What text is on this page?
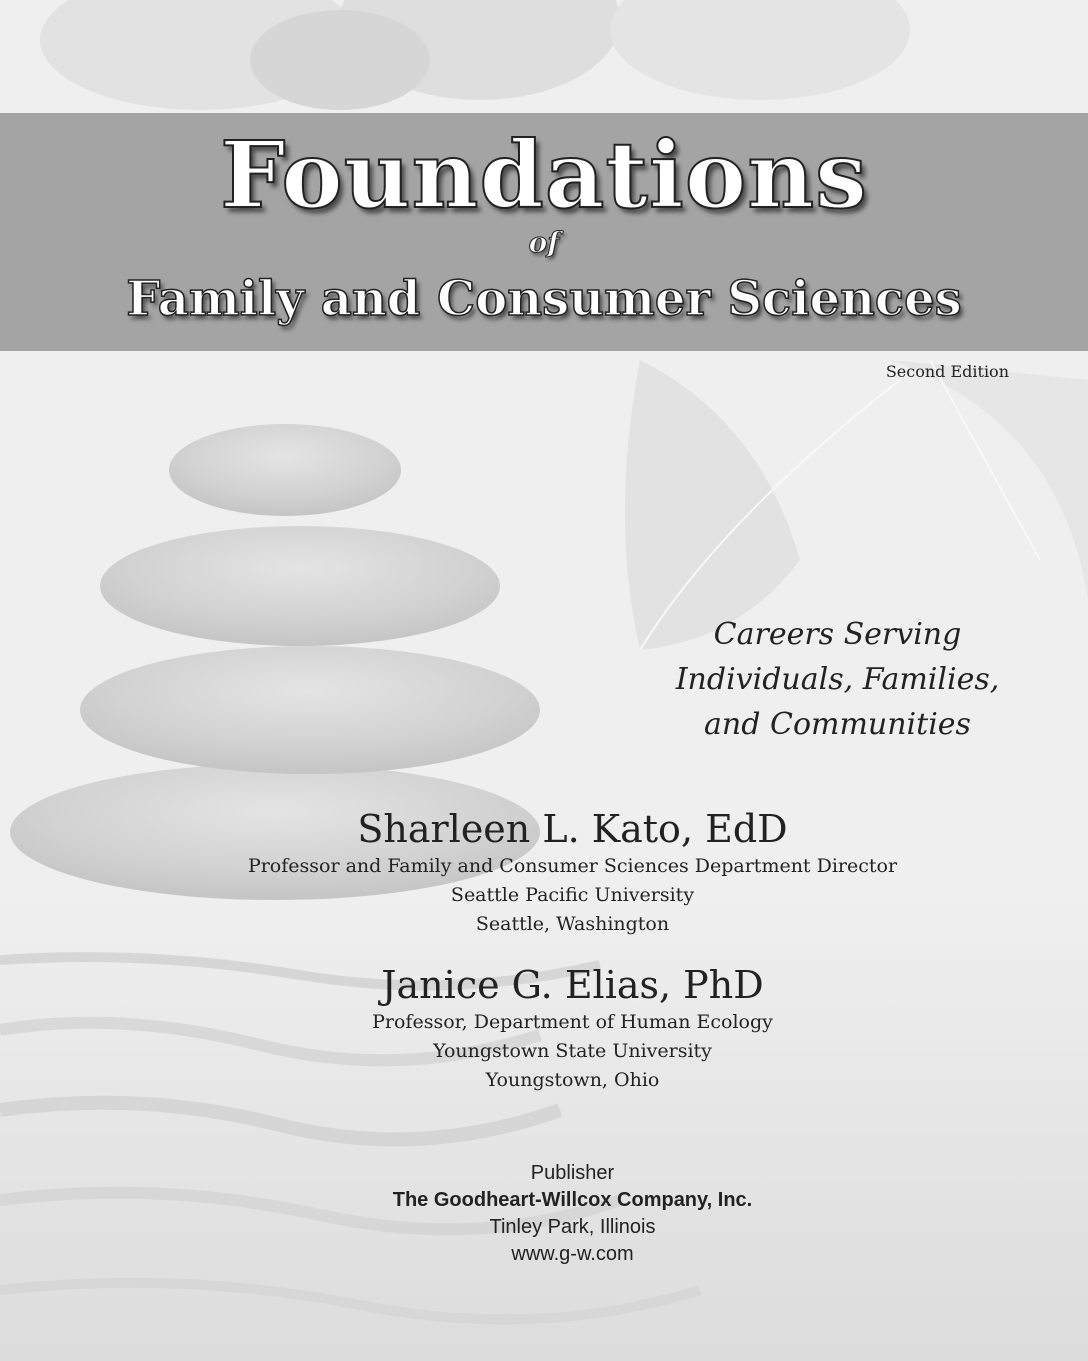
Foundations
of
Family and Consumer Sciences
Second Edition
Careers Serving
Individuals, Families,
and Communities
Sharleen L. Kato, EdD
Professor and Family and Consumer Sciences Department Director
Seattle Pacific University
Seattle, Washington
Janice G. Elias, PhD
Professor, Department of Human Ecology
Youngstown State University
Youngstown, Ohio
Publisher
The Goodheart-Willcox Company, Inc.
Tinley Park, Illinois
www.g-w.com
